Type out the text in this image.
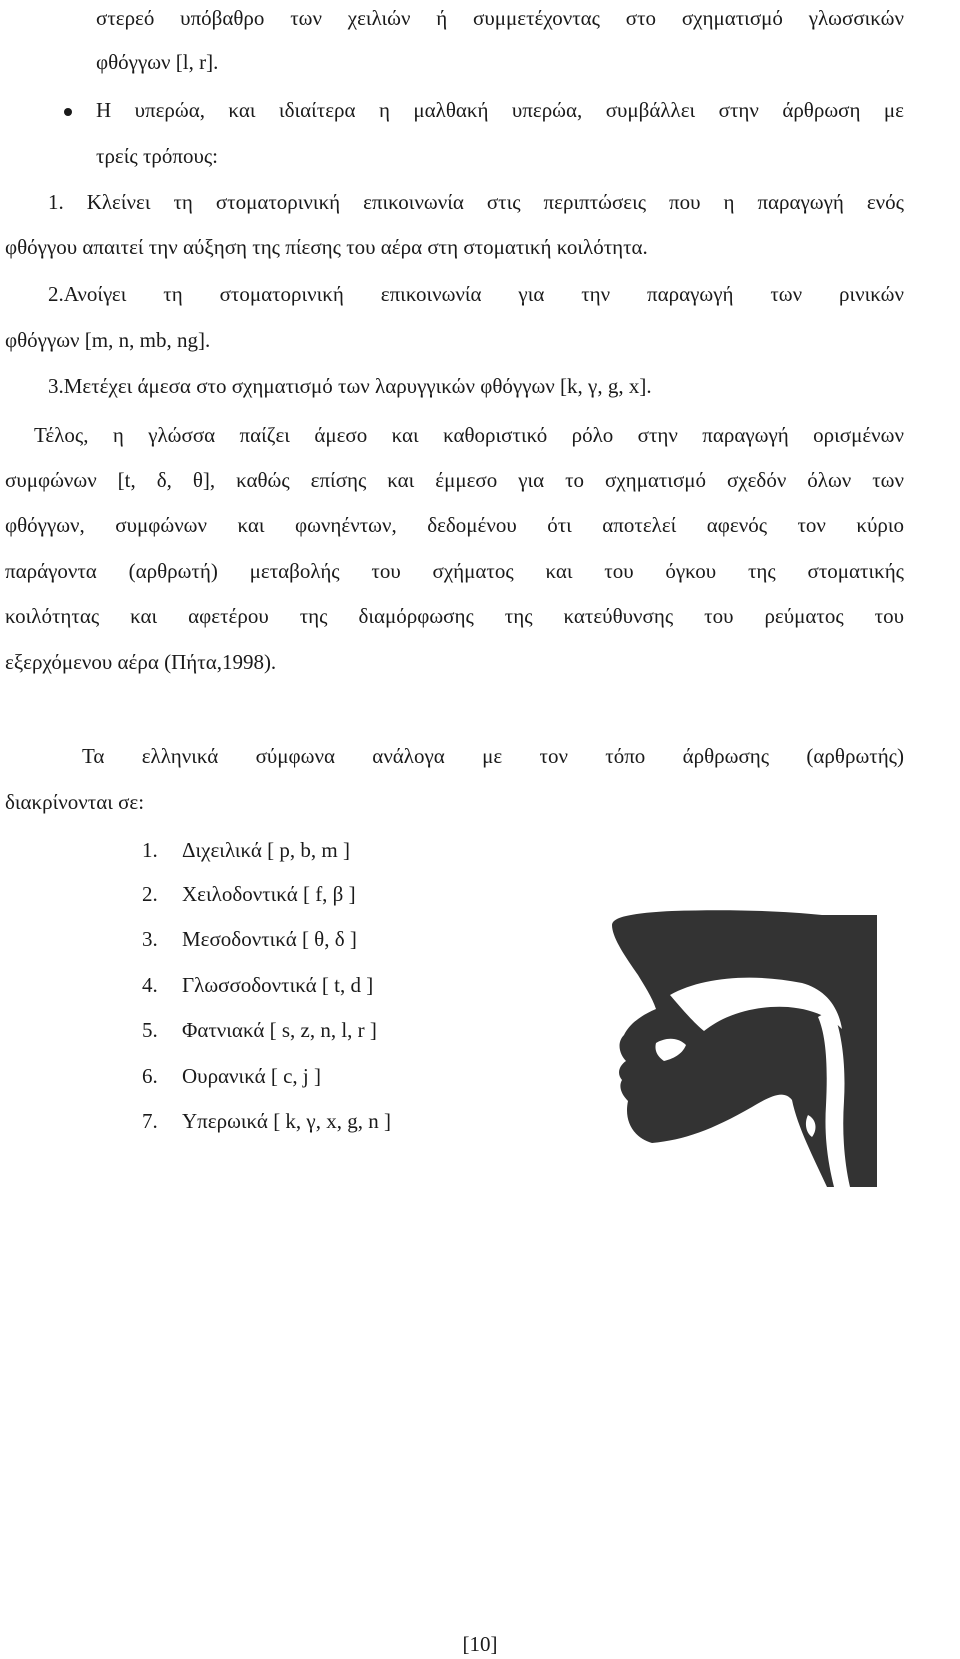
στερεό υπόβαθρο των χειλιών ή συμμετέχοντας στο σχηματισμό γλωσσικών
φθόγγων [l, r].
Η υπερώα, και ιδιαίτερα η μαλθακή υπερώα, συμβάλλει στην άρθρωση με
τρείς τρόπους:
1. Κλείνει τη στοματορινική επικοινωνία στις περιπτώσεις που η παραγωγή ενός
φθόγγου απαιτεί την αύξηση της πίεσης του αέρα στη στοματική κοιλότητα.
2.Ανοίγει τη στοματορινική επικοινωνία για την παραγωγή των ρινικών
φθόγγων [m, n, mb, ng].
3.Μετέχει άμεσα στο σχηματισμό των λαρυγγικών φθόγγων [k, γ, g, x].
Τέλος, η γλώσσα παίζει άμεσο και καθοριστικό ρόλο στην παραγωγή ορισμένων
συμφώνων [t, δ, θ], καθώς επίσης και έμμεσο για το σχηματισμό σχεδόν όλων των
φθόγγων, συμφώνων και φωνηέντων, δεδομένου ότι αποτελεί αφενός τον κύριο
παράγοντα (αρθρωτή) μεταβολής του σχήματος και του όγκου της στοματικής
κοιλότητας και αφετέρου της διαμόρφωσης της κατεύθυνσης του ρεύματος του
εξερχόμενου αέρα (Πήτα,1998).
Τα ελληνικά σύμφωνα ανάλογα με τον τόπο άρθρωσης (αρθρωτής)
διακρίνονται σε:
1.	Διχειλικά [ p, b, m ]
2.	Χειλοδοντικά [ f, β ]
3.	Μεσοδοντικά [ θ, δ ]
4.	Γλωσσοδοντικά [ t, d ]
5.	Φατνιακά [ s, z, n, l, r ]
6.	Ουρανικά [ c, j ]
7.	Υπερωικά [ k, γ, x, g, n ]
[10]
